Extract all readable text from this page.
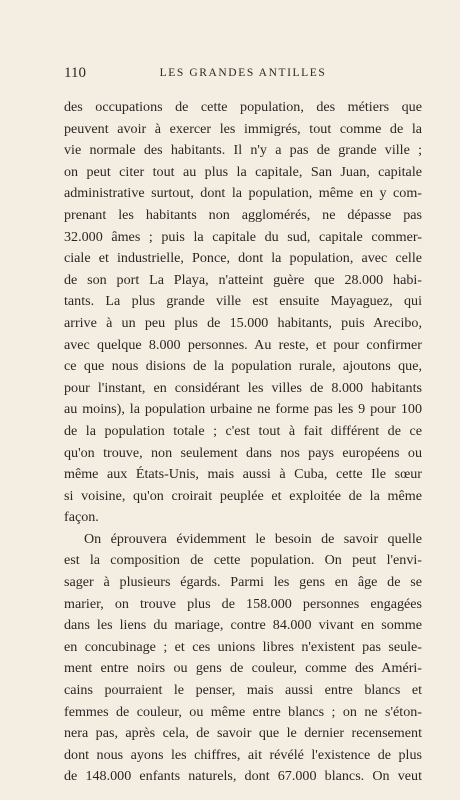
110	LES GRANDES ANTILLES
des occupations de cette population, des métiers que
peuvent avoir à exercer les immigrés, tout comme de la
vie normale des habitants. Il n'y a pas de grande ville ;
on peut citer tout au plus la capitale, San Juan, capitale
administrative surtout, dont la population, même en y com-
prenant les habitants non agglomérés, ne dépasse pas
32.000 âmes ; puis la capitale du sud, capitale commer-
ciale et industrielle, Ponce, dont la population, avec celle
de son port La Playa, n'atteint guère que 28.000 habi-
tants. La plus grande ville est ensuite Mayaguez, qui
arrive à un peu plus de 15.000 habitants, puis Arecibo,
avec quelque 8.000 personnes. Au reste, et pour confirmer
ce que nous disions de la population rurale, ajoutons que,
pour l'instant, en considérant les villes de 8.000 habitants
au moins), la population urbaine ne forme pas les 9 pour 100
de la population totale ; c'est tout à fait différent de ce
qu'on trouve, non seulement dans nos pays européens ou
même aux États-Unis, mais aussi à Cuba, cette Ile sœur
si voisine, qu'on croirait peuplée et exploitée de la même
façon.
On éprouvera évidemment le besoin de savoir quelle
est la composition de cette population. On peut l'envi-
sager à plusieurs égards. Parmi les gens en âge de se
marier, on trouve plus de 158.000 personnes engagées
dans les liens du mariage, contre 84.000 vivant en somme
en concubinage ; et ces unions libres n'existent pas seule-
ment entre noirs ou gens de couleur, comme des Améri-
cains pourraient le penser, mais aussi entre blancs et
femmes de couleur, ou même entre blancs ; on ne s'éton-
nera pas, après cela, de savoir que le dernier recensement
dont nous ayons les chiffres, ait révélé l'existence de plus
de 148.000 enfants naturels, dont 67.000 blancs. On veut
